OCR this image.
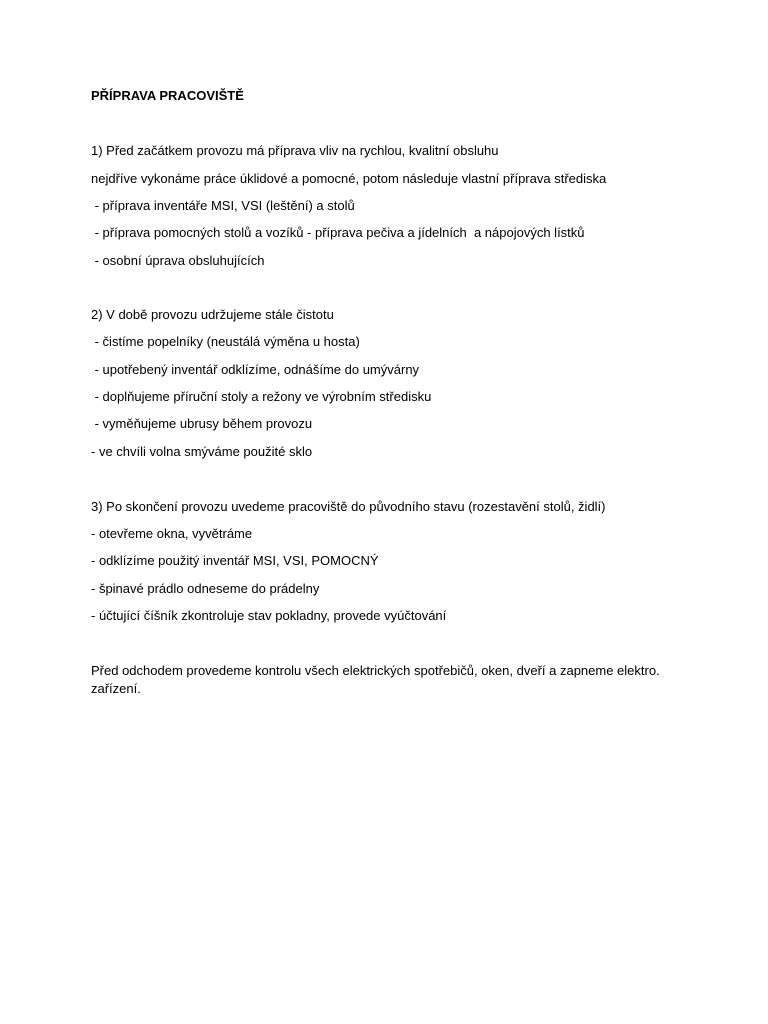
PŘÍPRAVA PRACOVIŠTĚ
1) Před začátkem provozu má příprava vliv na rychlou, kvalitní obsluhu
nejdříve vykonáme práce úklidové a pomocné, potom následuje vlastní příprava střediska
- příprava inventáře MSI, VSI (leštění) a stolů
- příprava pomocných stolů a vozíků - příprava pečiva a jídelních  a nápojových lístků
- osobní úprava obsluhujících
2) V době provozu udržujeme stále čistotu
- čistíme popelníky (neustálá výměna u hosta)
- upotřebený inventář odklízíme, odnášíme do umývárny
- doplňujeme příruční stoly a režony ve výrobním středisku
- vyměňujeme ubrusy během provozu
- ve chvíli volna smýváme použité sklo
3) Po skončení provozu uvedeme pracoviště do původního stavu (rozestavění stolů, židlí)
- otevřeme okna, vyvětráme
- odklízíme použitý inventář MSI, VSI, POMOCNÝ
- špinavé prádlo odneseme do prádelny
- účtující číšník zkontroluje stav pokladny, provede vyúčtování
Před odchodem provedeme kontrolu všech elektrických spotřebičů, oken, dveří a zapneme elektro. zařízení.
